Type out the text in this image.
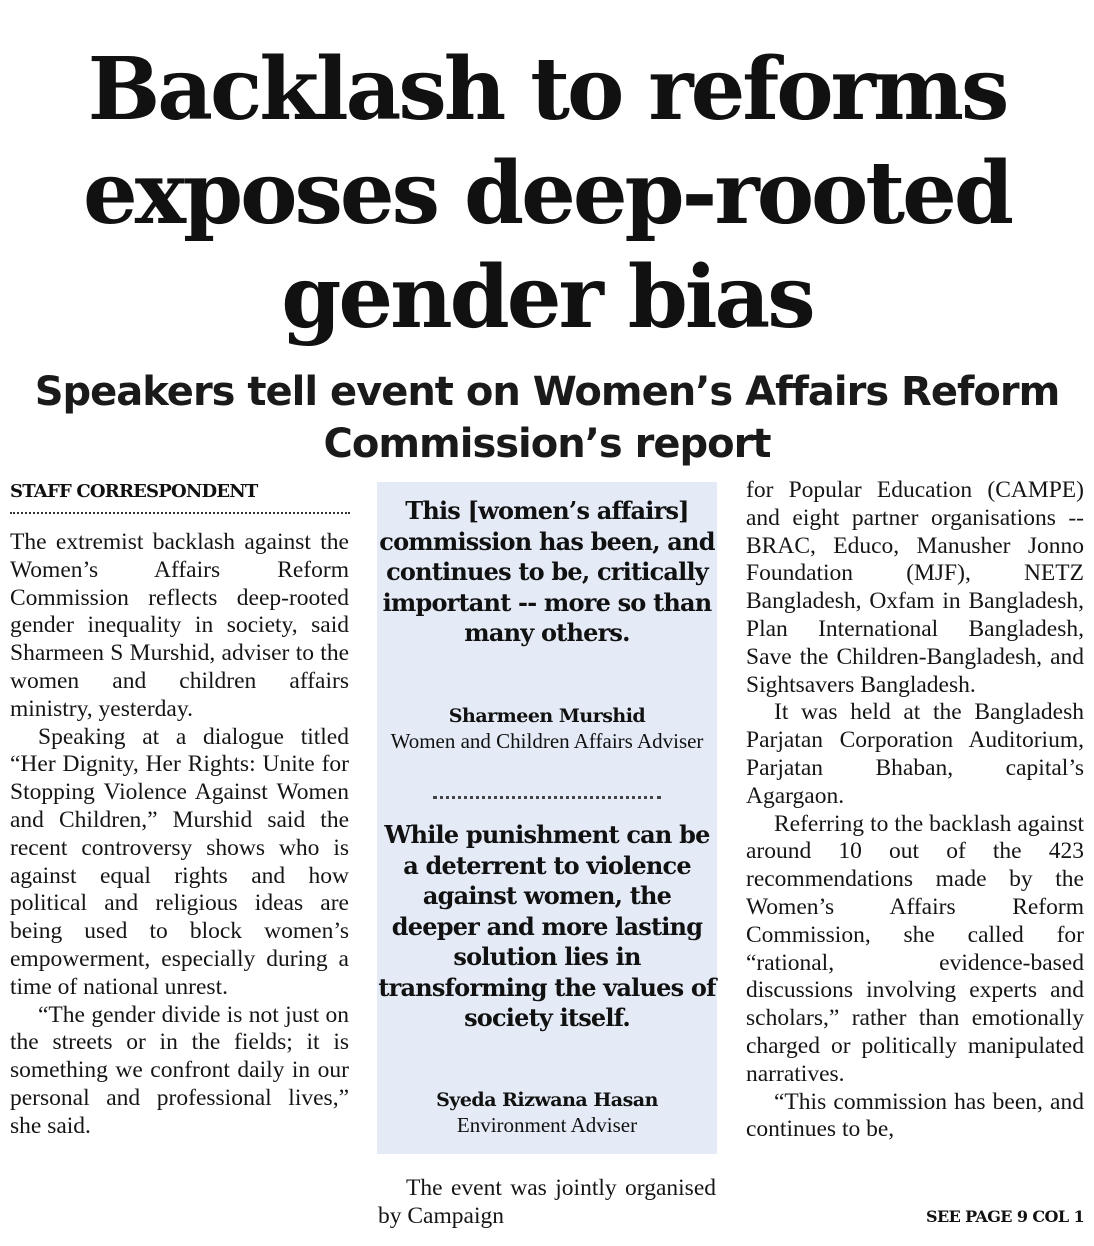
Backlash to reforms
exposes deep-rooted
gender bias
Speakers tell event on Women’s Affairs Reform
Commission’s report
STAFF CORRESPONDENT

The extremist backlash against the Women’s Affairs Reform Commission reflects deep-rooted gender inequality in society, said Sharmeen S Murshid, adviser to the women and children affairs ministry, yesterday.

Speaking at a dialogue titled “Her Dignity, Her Rights: Unite for Stopping Violence Against Women and Children,” Murshid said the recent controversy shows who is against equal rights and how political and religious ideas are being used to block women’s empowerment, especially during a time of national unrest.

“The gender divide is not just on the streets or in the fields; it is something we confront daily in our personal and professional lives,” she said.

This [women’s affairs] commission has been, and continues to be, critically important -- more so than many others.
Sharmeen Murshid
Women and Children Affairs Adviser
While punishment can be a deterrent to violence against women, the deeper and more lasting solution lies in transforming the values of society itself.
Syeda Rizwana Hasan
Environment Adviser

The event was jointly organised by Campaign

for Popular Education (CAMPE) and eight partner organisations -- BRAC, Educo, Manusher Jonno Foundation (MJF), NETZ Bangladesh, Oxfam in Bangladesh, Plan International Bangladesh, Save the Children-Bangladesh, and Sightsavers Bangladesh.

It was held at the Bangladesh Parjatan Corporation Auditorium, Parjatan Bhaban, capital’s Agargaon.

Referring to the backlash against around 10 out of the 423 recommendations made by the Women’s Affairs Reform Commission, she called for “rational, evidence-based discussions involving experts and scholars,” rather than emotionally charged or politically manipulated narratives.

“This commission has been, and continues to be,

SEE PAGE 9 COL 1
